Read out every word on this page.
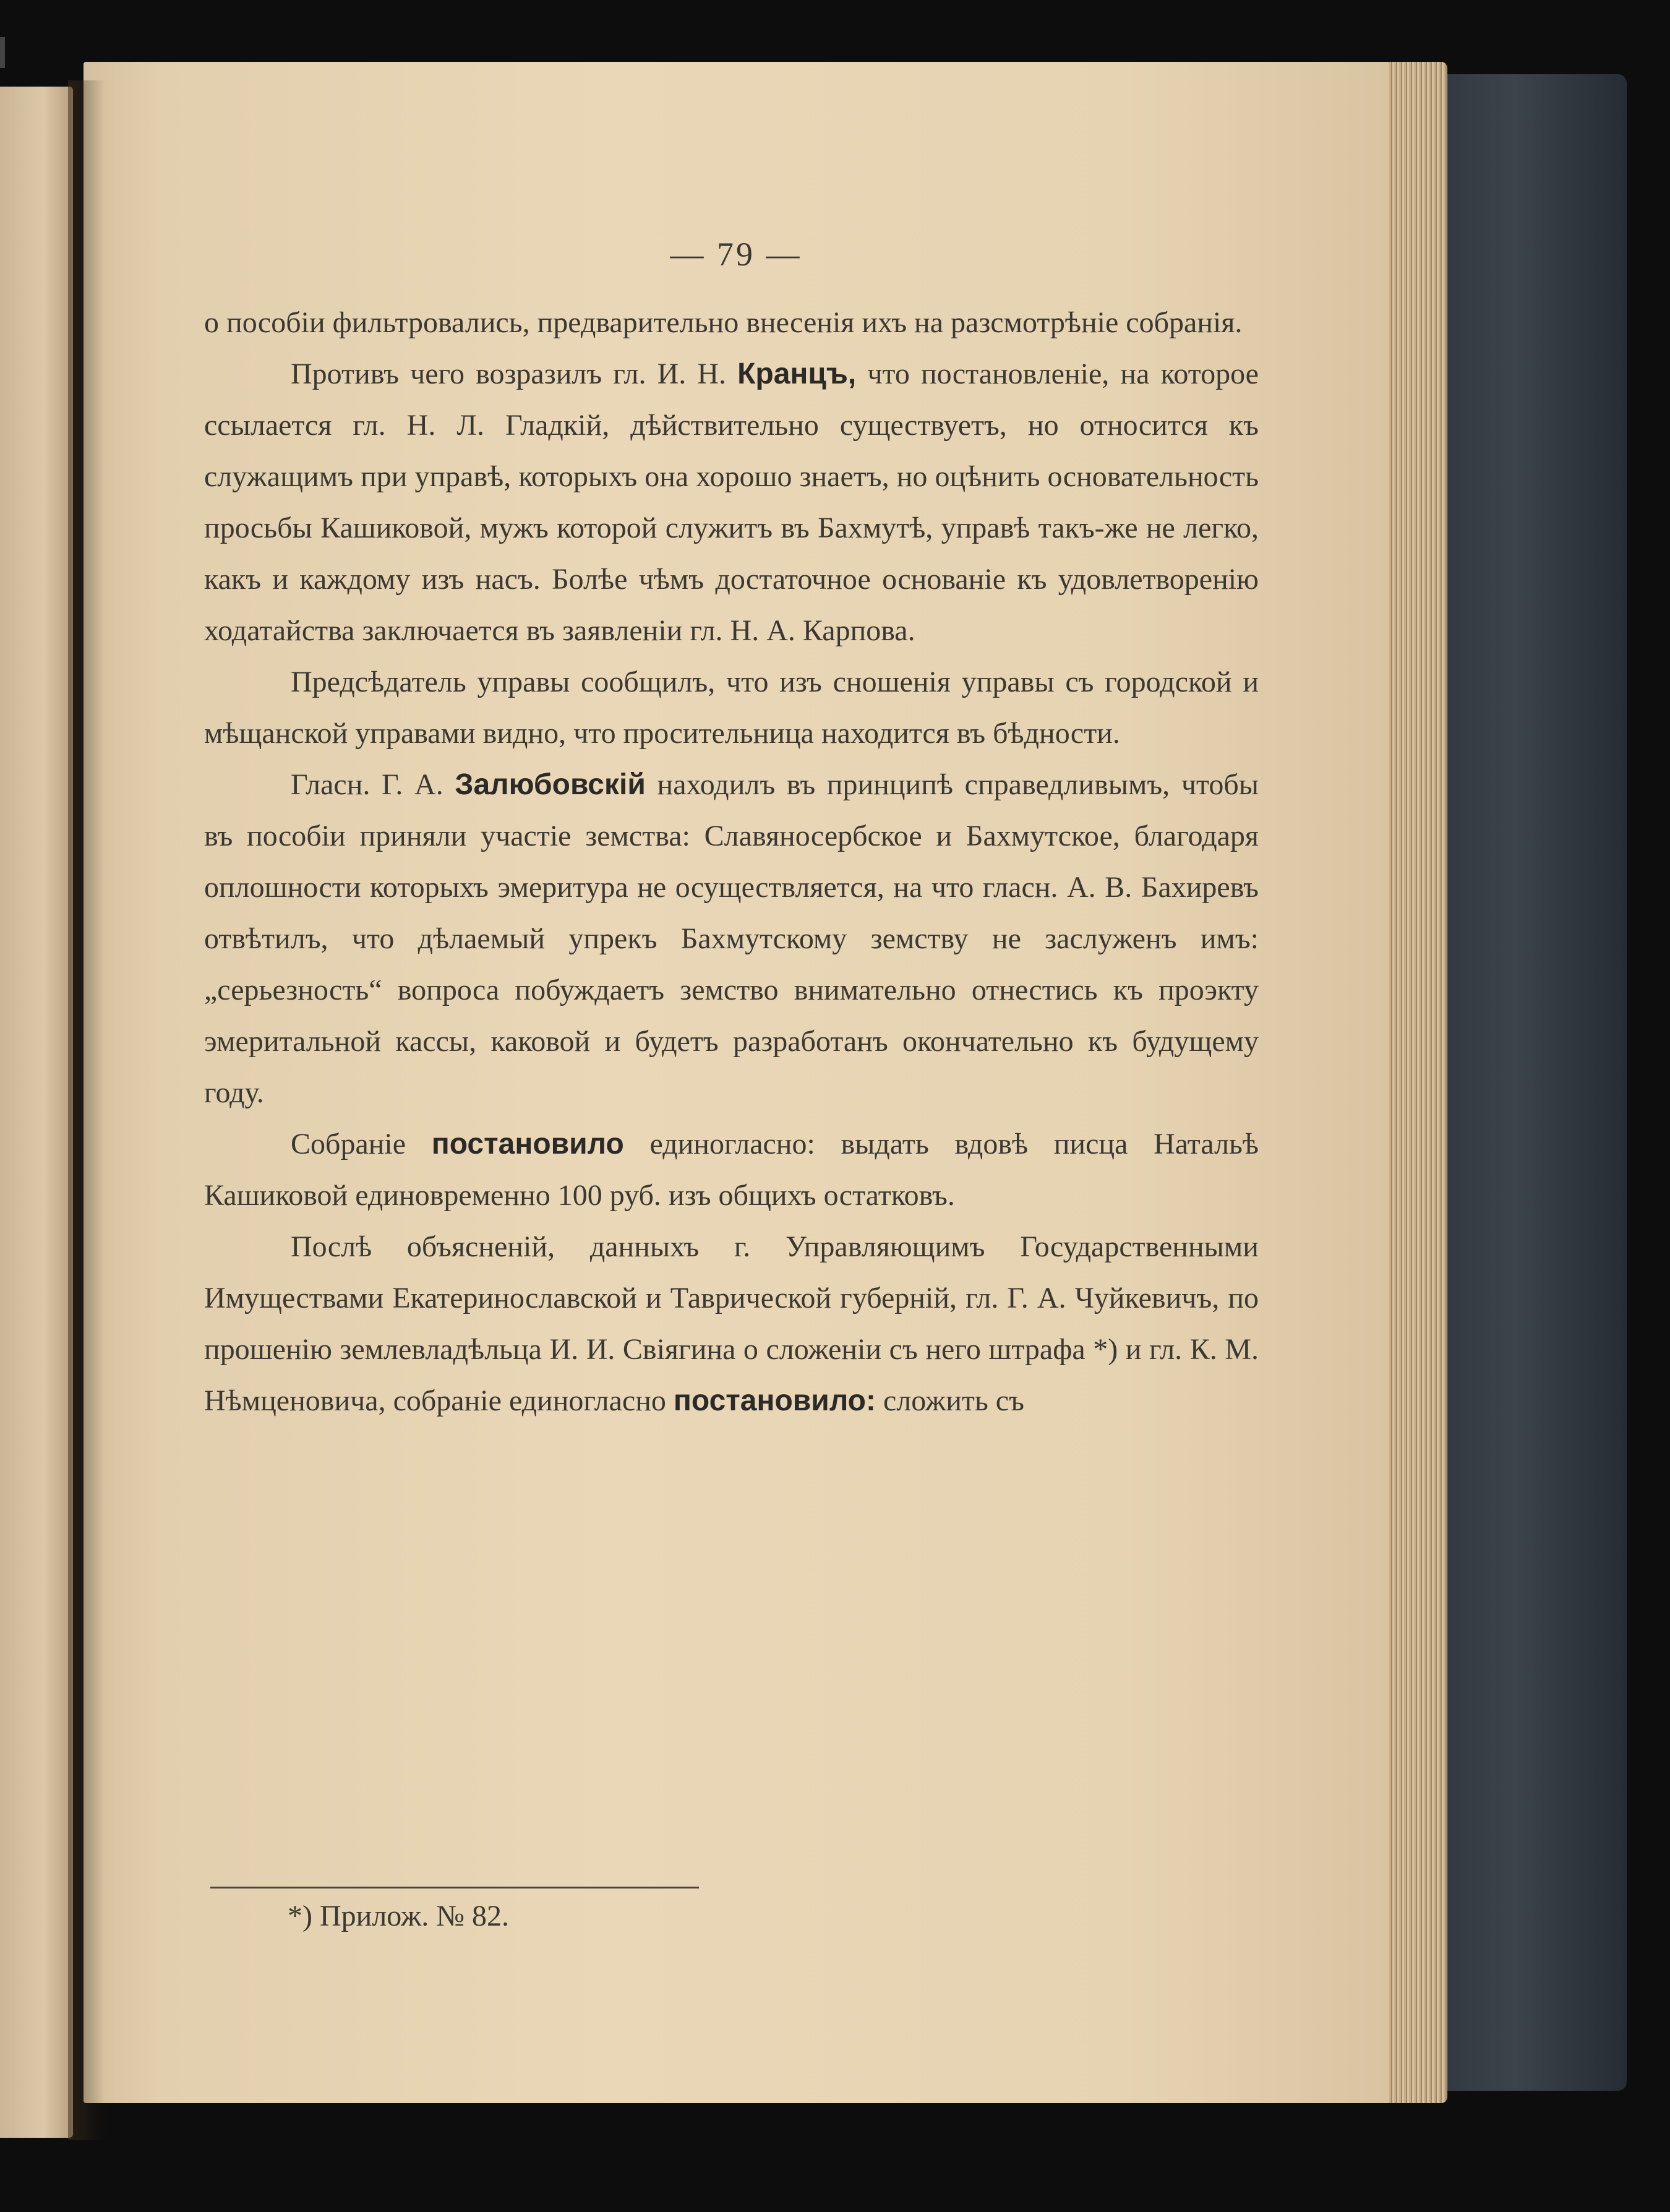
— 79 —

о пособіи фильтровались, предварительно внесенія ихъ на разсмотрѣніе собранія.

Противъ чего возразилъ гл. И. Н. Кранцъ, что постановленіе, на которое ссылается гл. Н. Л. Гладкій, дѣйствительно существуетъ, но относится къ служащимъ при управѣ, которыхъ она хорошо знаетъ, но оцѣнить основательность просьбы Кашиковой, мужъ которой служитъ въ Бахмутѣ, управѣ такъ-же не легко, какъ и каждому изъ насъ. Болѣе чѣмъ достаточное основаніе къ удовлетворенію ходатайства заключается въ заявленіи гл. Н. А. Карпова.

Предсѣдатель управы сообщилъ, что изъ сношенія управы съ городской и мѣщанской управами видно, что просительница находится въ бѣдности.

Гласн. Г. А. Залюбовскій находилъ въ принципѣ справедливымъ, чтобы въ пособіи приняли участіе земства: Славяносербское и Бахмутское, благодаря оплошности которыхъ эмеритура не осуществляется, на что гласн. А. В. Бахиревъ отвѣтилъ, что дѣлаемый упрекъ Бахмутскому земству не заслуженъ имъ: „серьезность“ вопроса побуждаетъ земство внимательно отнестись къ проэкту эмеритальной кассы, каковой и будетъ разработанъ окончательно къ будущему году.

Собраніе постановило единогласно: выдать вдовѣ писца Натальѣ Кашиковой единовременно 100 руб. изъ общихъ остатковъ.

Послѣ объясненій, данныхъ г. Управляющимъ Государственными Имуществами Екатеринославской и Таврической губерній, гл. Г. А. Чуйкевичъ, по прошенію землевладѣльца И. И. Свіягина о сложеніи съ него штрафа *) и гл. К. М. Нѣмценовича, собраніе единогласно постановило: сложить съ

*) Прилож. № 82.
